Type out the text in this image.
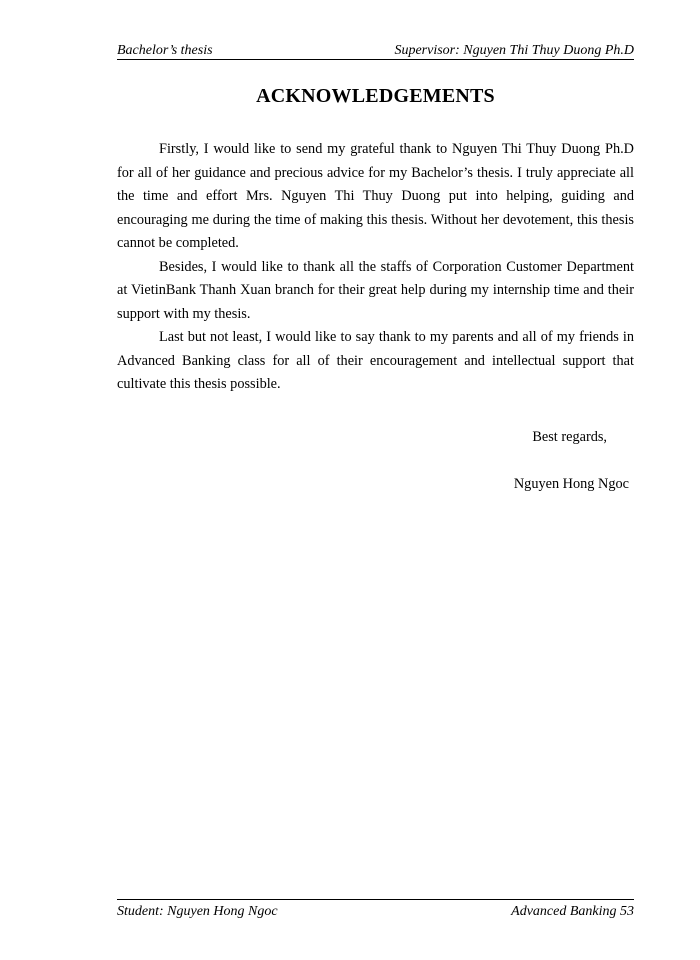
Bachelor’s thesis	Supervisor: Nguyen Thi Thuy Duong Ph.D
ACKNOWLEDGEMENTS

Firstly, I would like to send my grateful thank to Nguyen Thi Thuy Duong Ph.D for all of her guidance and precious advice for my Bachelor’s thesis. I truly appreciate all the time and effort Mrs. Nguyen Thi Thuy Duong put into helping, guiding and encouraging me during the time of making this thesis. Without her devotement, this thesis cannot be completed.

Besides, I would like to thank all the staffs of Corporation Customer Department at VietinBank Thanh Xuan branch for their great help during my internship time and their support with my thesis.

Last but not least, I would like to say thank to my parents and all of my friends in Advanced Banking class for all of their encouragement and intellectual support that cultivate this thesis possible.

Best regards,
Nguyen Hong Ngoc
Student: Nguyen Hong Ngoc	Advanced Banking 53
